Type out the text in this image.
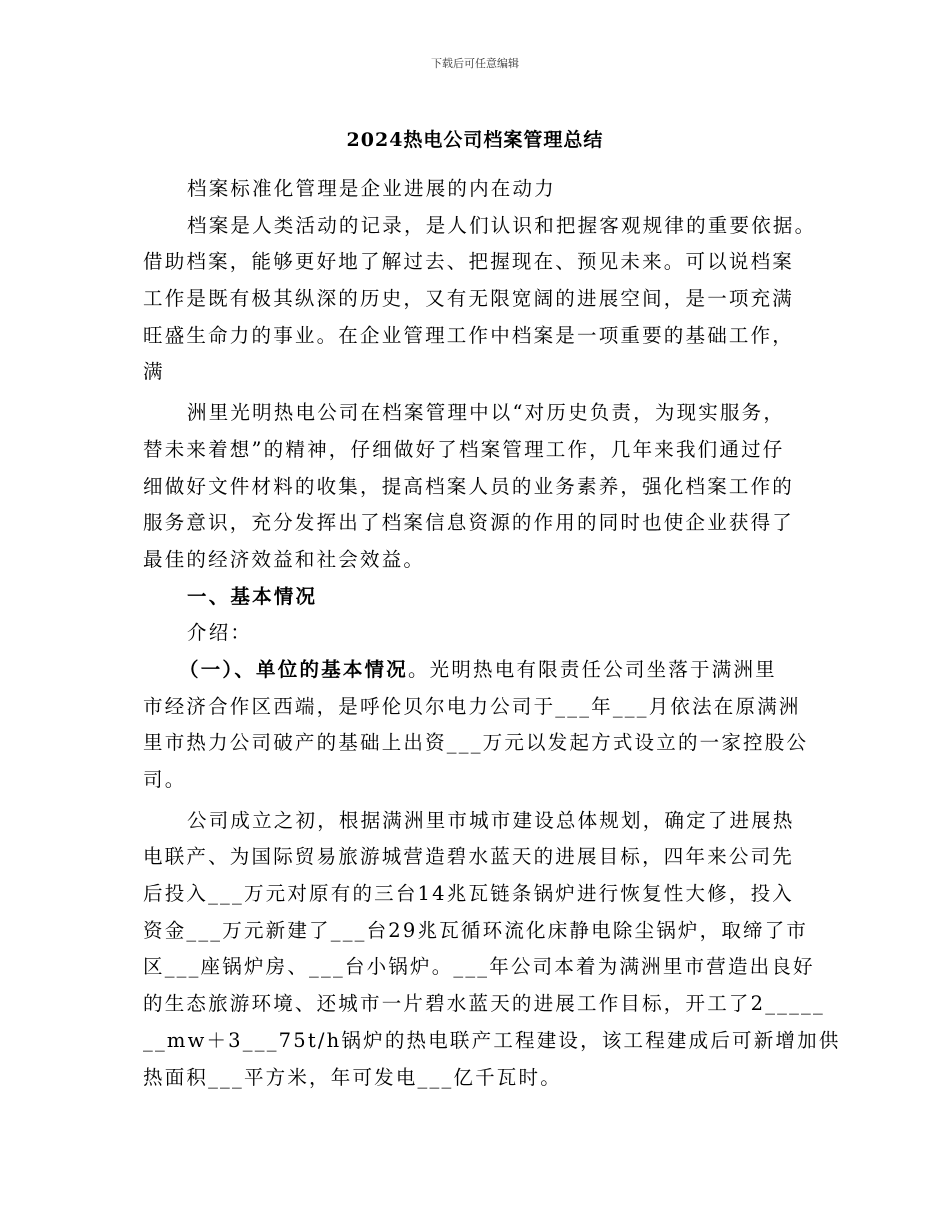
下载后可任意编辑
2024热电公司档案管理总结
档案标准化管理是企业进展的内在动力
档案是人类活动的记录，是人们认识和把握客观规律的重要依据。
借助档案，能够更好地了解过去、把握现在、预见未来。可以说档案
工作是既有极其纵深的历史，又有无限宽阔的进展空间，是一项充满
旺盛生命力的事业。在企业管理工作中档案是一项重要的基础工作，
满
洲里光明热电公司在档案管理中以“对历史负责，为现实服务，
替未来着想”的精神，仔细做好了档案管理工作，几年来我们通过仔
细做好文件材料的收集，提高档案人员的业务素养，强化档案工作的
服务意识，充分发挥出了档案信息资源的作用的同时也使企业获得了
最佳的经济效益和社会效益。
一、基本情况
介绍：
（一）、单位的基本情况。光明热电有限责任公司坐落于满洲里
市经济合作区西端，是呼伦贝尔电力公司于___年___月依法在原满洲
里市热力公司破产的基础上出资___万元以发起方式设立的一家控股公
司。
公司成立之初，根据满洲里市城市建设总体规划，确定了进展热
电联产、为国际贸易旅游城营造碧水蓝天的进展目标，四年来公司先
后投入___万元对原有的三台14兆瓦链条锅炉进行恢复性大修，投入
资金___万元新建了___台29兆瓦循环流化床静电除尘锅炉，取缔了市
区___座锅炉房、___台小锅炉。___年公司本着为满洲里市营造出良好
的生态旅游环境、还城市一片碧水蓝天的进展工作目标，开工了2_____
__mw＋3___75t/h锅炉的热电联产工程建设，该工程建成后可新增加供
热面积___平方米，年可发电___亿千瓦时。
